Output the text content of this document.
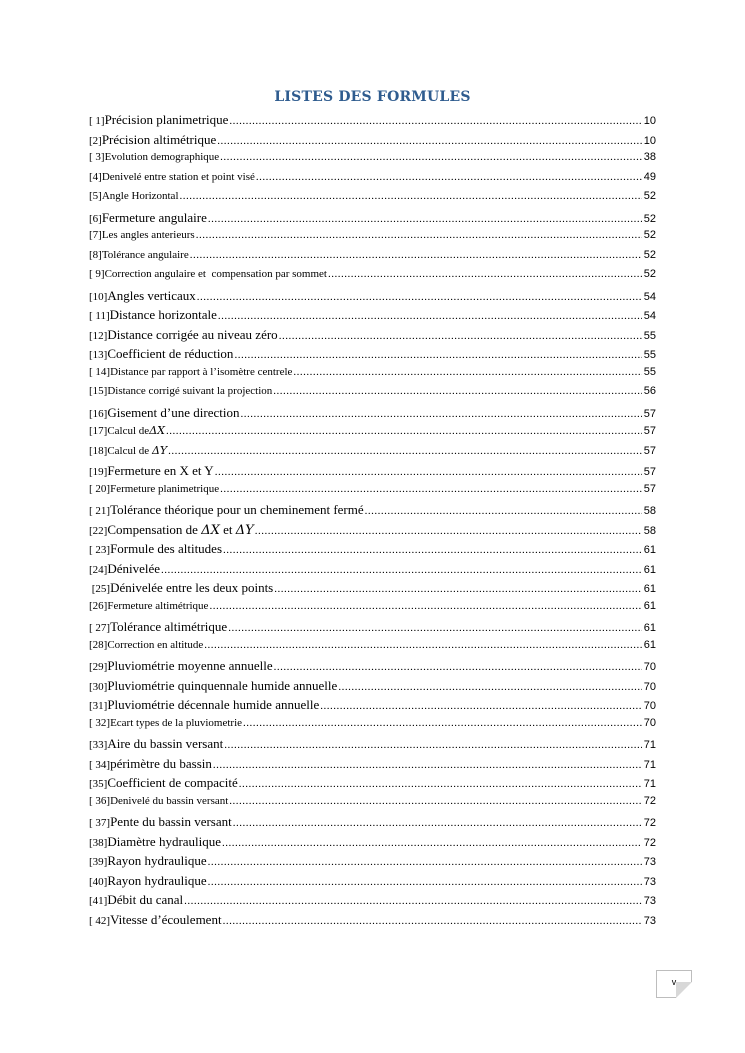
LISTES DES FORMULES
[ 1]Précision planimetrique .....	10
[2]Précision altimétrique .....	10
[ 3]Evolution demographique .....	38
[4]Denivelé entre station et point visé .....	49
[5]Angle Horizontal .....	52
[6]Fermeture angulaire .....	52
[7]Les angles anterieurs .....	52
[8]Tolérance angulaire .....	52
[ 9]Correction angulaire et  compensation par sommet .....	52
[10]Angles verticaux .....	54
[ 11]Distance horizontale .....	54
[12]Distance corrigée au niveau zéro .....	55
[13]Coefficient de réduction .....	55
[ 14]Distance par rapport à l’isomètre centrele .....	55
[15]Distance corrigé suivant la projection .....	56
[16]Gisement d’une direction .....	57
[17]Calcul deΔX .....	57
[18]Calcul de ΔY .....	57
[19]Fermeture en X et Y .....	57
[ 20]Fermeture planimetrique .....	57
[ 21]Tolérance théorique pour un cheminement fermé .....	58
[22]Compensation de ΔX et ΔY .....	58
[ 23]Formule des altitudes .....	61
[24]Dénivelée .....	61
[25]Dénivelée entre les deux points .....	61
[26]Fermeture altimétrique .....	61
[ 27]Tolérance altimétrique .....	61
[28]Correction en altitude .....	61
[29]Pluviométrie moyenne annuelle .....	70
[30]Pluviométrie quinquennale humide annuelle .....	70
[31]Pluviométrie décennale humide annuelle .....	70
[ 32]Ecart types de la pluviometrie .....	70
[33]Aire du bassin versant .....	71
[ 34]périmètre du bassin .....	71
[35]Coefficient de compacité .....	71
[ 36]Denivelé du bassin versant .....	72
[ 37]Pente du bassin versant .....	72
[38]Diamètre hydraulique .....	72
[39]Rayon hydraulique .....	73
[40]Rayon hydraulique .....	73
[41]Débit du canal .....	73
[ 42]Vitesse d’écoulement .....	73
v
